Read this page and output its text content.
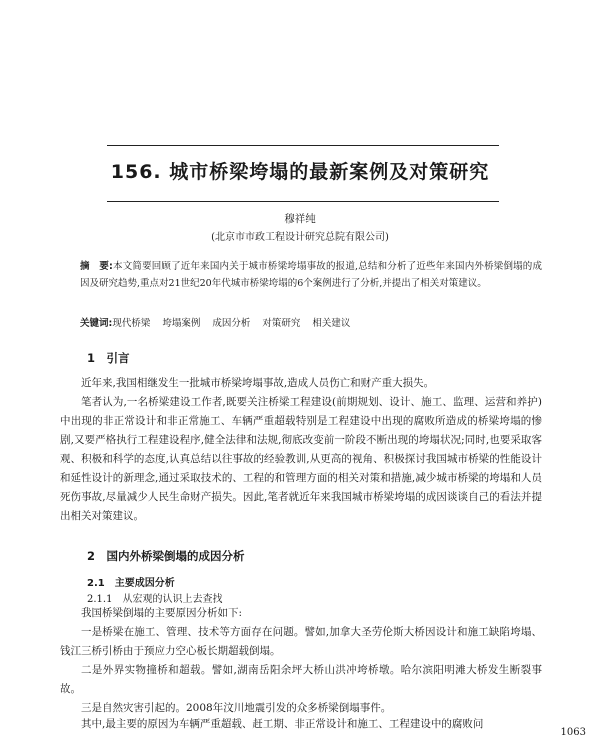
156. 城市桥梁垮塌的最新案例及对策研究
穆祥纯
(北京市市政工程设计研究总院有限公司)
摘　要:本文简要回顾了近年来国内关于城市桥梁垮塌事故的报道,总结和分析了近些年来国内外桥梁倒塌的成因及研究趋势,重点对21世纪20年代城市桥梁垮塌的6个案例进行了分析,并提出了相关对策建议。
关键词:现代桥梁 垮塌案例 成因分析 对策研究 相关建议
1　引言
近年来,我国相继发生一批城市桥梁垮塌事故,造成人员伤亡和财产重大损失。
笔者认为,一名桥梁建设工作者,既要关注桥梁工程建设(前期规划、设计、施工、监理、运营和养护)中出现的非正常设计和非正常施工、车辆严重超载特别是工程建设中出现的腐败所造成的桥梁垮塌的惨剧,又要严格执行工程建设程序,健全法律和法规,彻底改变前一阶段不断出现的垮塌状况;同时,也要采取客观、积极和科学的态度,认真总结以往事故的经验教训,从更高的视角、积极探讨我国城市桥梁的性能设计和延性设计的新理念,通过采取技术的、工程的和管理方面的相关对策和措施,减少城市桥梁的垮塌和人员死伤事故,尽量减少人民生命财产损失。因此,笔者就近年来我国城市桥梁垮塌的成因谈谈自己的看法并提出相关对策建议。
2　国内外桥梁倒塌的成因分析
2.1　主要成因分析
2.1.1　从宏观的认识上去查找
我国桥梁倒塌的主要原因分析如下:
一是桥梁在施工、管理、技术等方面存在问题。譬如,加拿大圣劳伦斯大桥因设计和施工缺陷垮塌、钱江三桥引桥由于预应力空心板长期超载倒塌。
二是外界实物撞桥和超载。譬如,湖南岳阳余坪大桥山洪冲垮桥墩。哈尔滨阳明滩大桥发生断裂事故。
三是自然灾害引起的。2008年汶川地震引发的众多桥梁倒塌事件。
其中,最主要的原因为车辆严重超载、赶工期、非正常设计和施工、工程建设中的腐败问
1063
